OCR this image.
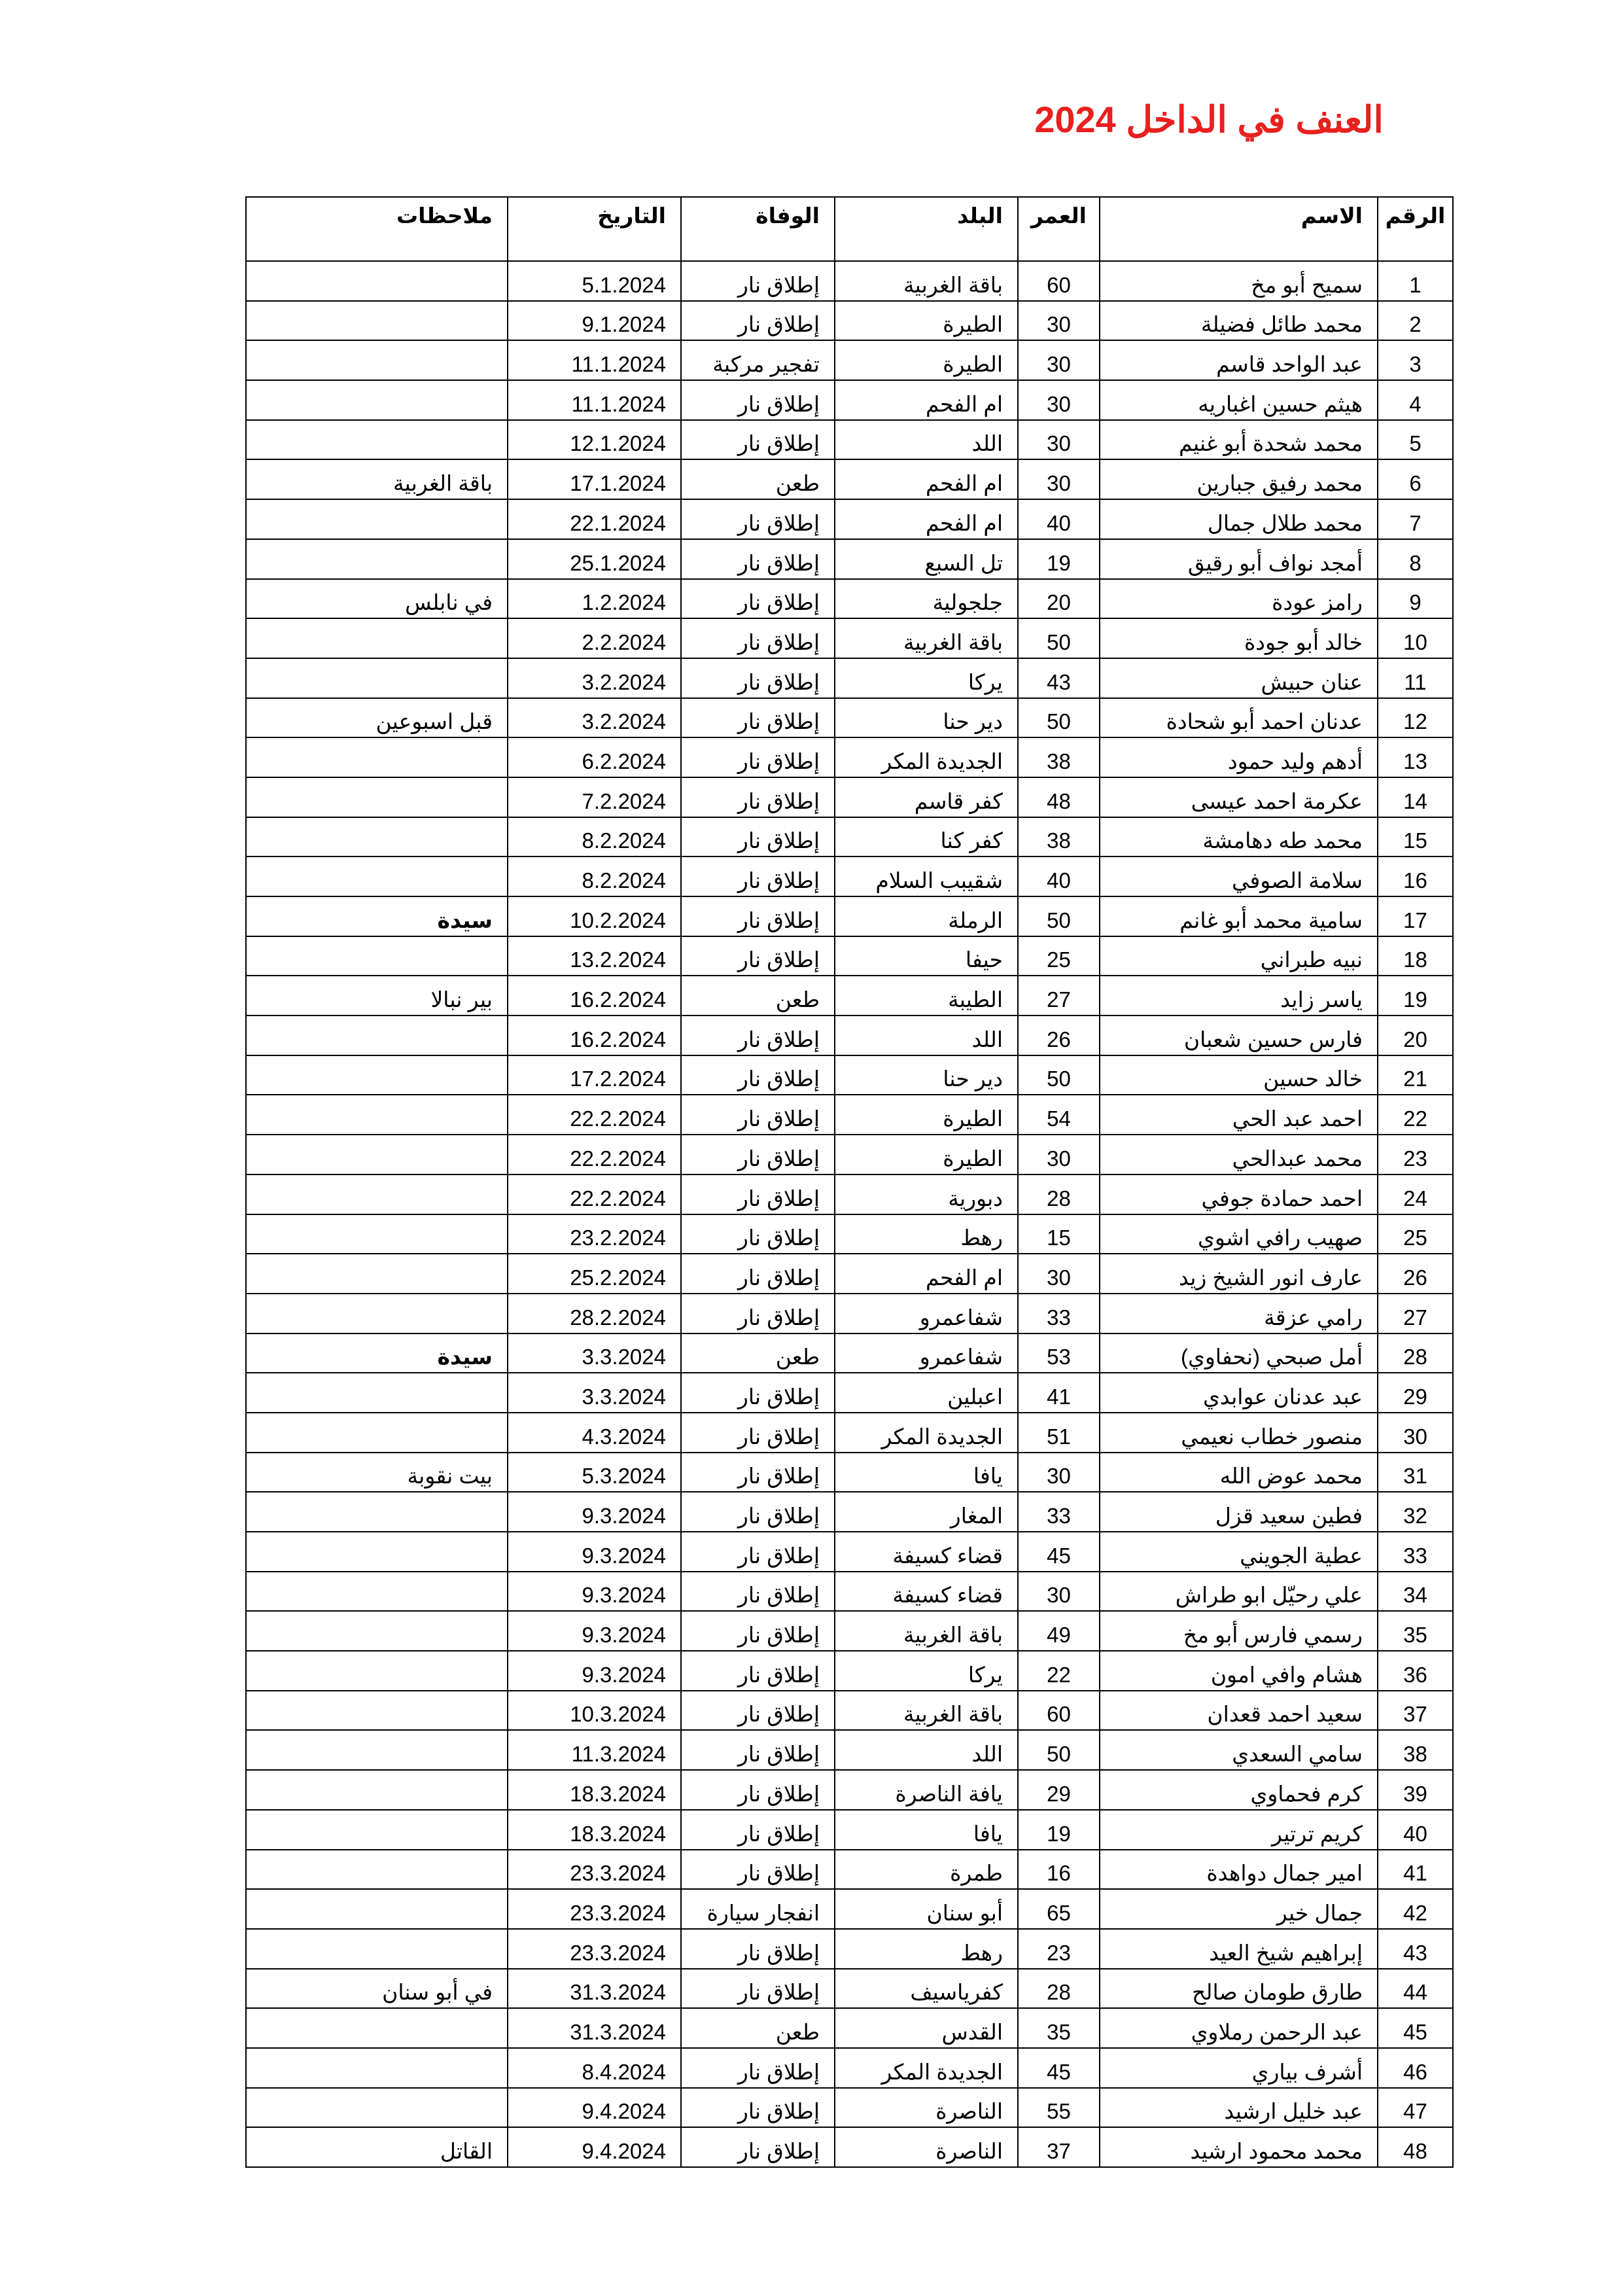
العنف في الداخل 2024
الرقم	الاسم	العمر	البلد	الوفاة	التاريخ	ملاحظات
1	سميح أبو مخ	60	باقة الغربية	إطلاق نار	5.1.2024	
2	محمد طائل فضيلة	30	الطيرة	إطلاق نار	9.1.2024	
3	عبد الواحد قاسم	30	الطيرة	تفجير مركبة	11.1.2024	
4	هيثم حسين اغباريه	30	ام الفحم	إطلاق نار	11.1.2024	
5	محمد شحدة أبو غنيم	30	اللد	إطلاق نار	12.1.2024	
6	محمد رفيق جبارين	30	ام الفحم	طعن	17.1.2024	باقة الغربية
7	محمد طلال جمال	40	ام الفحم	إطلاق نار	22.1.2024	
8	أمجد نواف أبو رقيق	19	تل السبع	إطلاق نار	25.1.2024	
9	رامز عودة	20	جلجولية	إطلاق نار	1.2.2024	في نابلس
10	خالد أبو جودة	50	باقة الغربية	إطلاق نار	2.2.2024	
11	عنان حبيش	43	يركا	إطلاق نار	3.2.2024	
12	عدنان احمد أبو شحادة	50	دير حنا	إطلاق نار	3.2.2024	قبل اسبوعين
13	أدهم وليد حمود	38	الجديدة المكر	إطلاق نار	6.2.2024	
14	عكرمة احمد عيسى	48	كفر قاسم	إطلاق نار	7.2.2024	
15	محمد طه دهامشة	38	كفر كنا	إطلاق نار	8.2.2024	
16	سلامة الصوفي	40	شقيبب السلام	إطلاق نار	8.2.2024	
17	سامية محمد أبو غانم	50	الرملة	إطلاق نار	10.2.2024	سيدة
18	نبيه طبراني	25	حيفا	إطلاق نار	13.2.2024	
19	ياسر زايد	27	الطيبة	طعن	16.2.2024	بير نبالا
20	فارس حسين شعبان	26	اللد	إطلاق نار	16.2.2024	
21	خالد حسين	50	دير حنا	إطلاق نار	17.2.2024	
22	احمد عبد الحي	54	الطيرة	إطلاق نار	22.2.2024	
23	محمد عبدالحي	30	الطيرة	إطلاق نار	22.2.2024	
24	احمد حمادة جوفي	28	دبورية	إطلاق نار	22.2.2024	
25	صهيب رافي اشوي	15	رهط	إطلاق نار	23.2.2024	
26	عارف انور الشيخ زيد	30	ام الفحم	إطلاق نار	25.2.2024	
27	رامي عزقة	33	شفاعمرو	إطلاق نار	28.2.2024	
28	أمل صبحي (نحفاوي)	53	شفاعمرو	طعن	3.3.2024	سيدة
29	عبد عدنان عوابدي	41	اعبلين	إطلاق نار	3.3.2024	
30	منصور خطاب نعيمي	51	الجديدة المكر	إطلاق نار	4.3.2024	
31	محمد عوض الله	30	يافا	إطلاق نار	5.3.2024	بيت نقوبة
32	فطين سعيد قزل	33	المغار	إطلاق نار	9.3.2024	
33	عطية الجويني	45	قضاء كسيفة	إطلاق نار	9.3.2024	
34	علي رحيّل ابو طراش	30	قضاء كسيفة	إطلاق نار	9.3.2024	
35	رسمي فارس أبو مخ	49	باقة الغربية	إطلاق نار	9.3.2024	
36	هشام وافي امون	22	يركا	إطلاق نار	9.3.2024	
37	سعيد احمد قعدان	60	باقة الغربية	إطلاق نار	10.3.2024	
38	سامي السعدي	50	اللد	إطلاق نار	11.3.2024	
39	كرم فحماوي	29	يافة الناصرة	إطلاق نار	18.3.2024	
40	كريم ترتير	19	يافا	إطلاق نار	18.3.2024	
41	امير جمال دواهدة	16	طمرة	إطلاق نار	23.3.2024	
42	جمال خير	65	أبو سنان	انفجار سيارة	23.3.2024	
43	إبراهيم شيخ العيد	23	رهط	إطلاق نار	23.3.2024	
44	طارق طومان صالح	28	كفرياسيف	إطلاق نار	31.3.2024	في أبو سنان
45	عبد الرحمن رملاوي	35	القدس	طعن	31.3.2024	
46	أشرف بياري	45	الجديدة المكر	إطلاق نار	8.4.2024	
47	عبد خليل ارشيد	55	الناصرة	إطلاق نار	9.4.2024	
48	محمد محمود ارشيد	37	الناصرة	إطلاق نار	9.4.2024	القاتل
